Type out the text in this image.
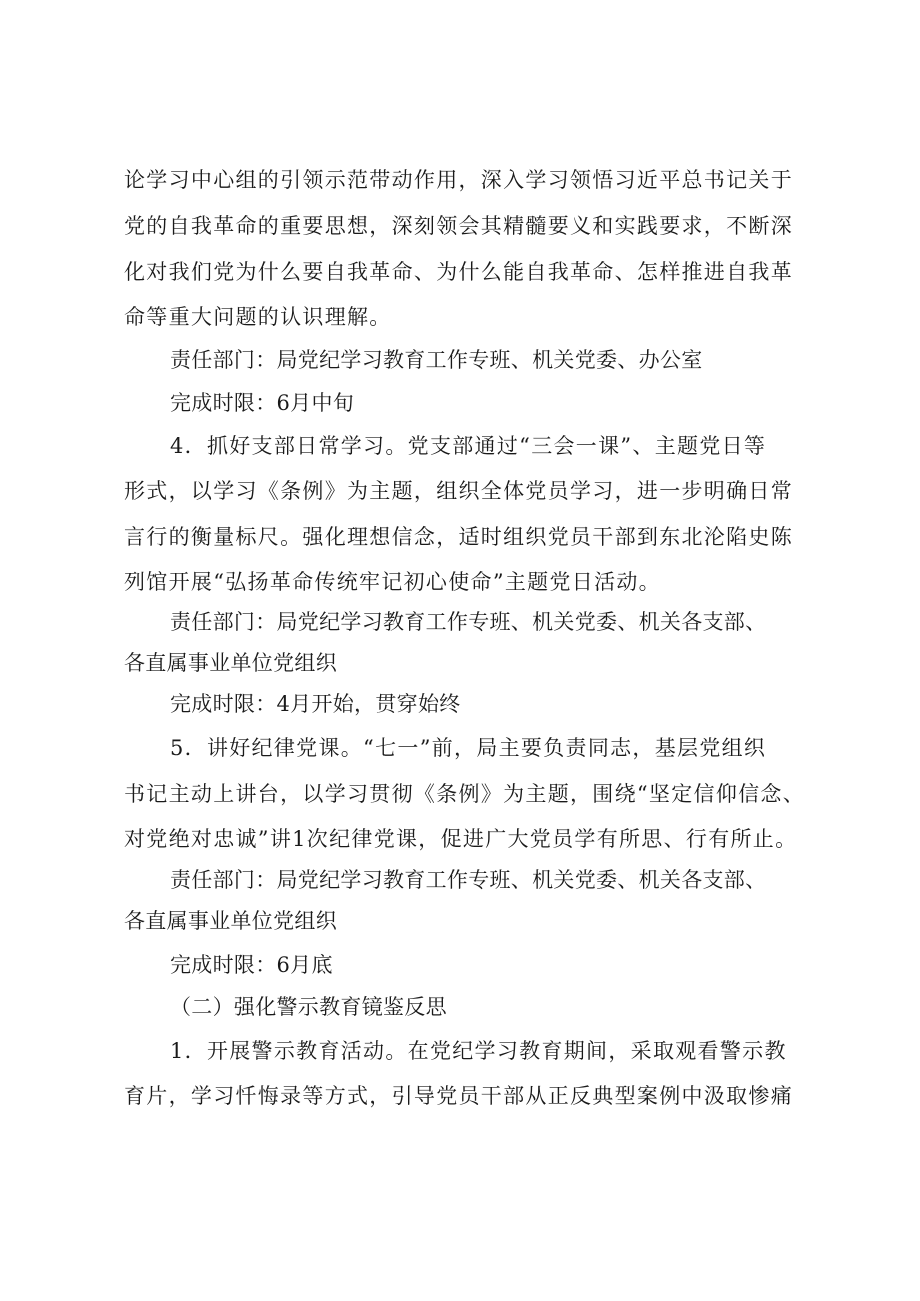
论学习中心组的引领示范带动作用，深入学习领悟习近平总书记关于

党的自我革命的重要思想，深刻领会其精髓要义和实践要求，不断深

化对我们党为什么要自我革命、为什么能自我革命、怎样推进自我革

命等重大问题的认识理解。

责任部门：局党纪学习教育工作专班、机关党委、办公室

完成时限：6月中旬

4．抓好支部日常学习。党支部通过“三会一课”、主题党日等

形式，以学习《条例》为主题，组织全体党员学习，进一步明确日常

言行的衡量标尺。强化理想信念，适时组织党员干部到东北沦陷史陈

列馆开展“弘扬革命传统牢记初心使命”主题党日活动。

责任部门：局党纪学习教育工作专班、机关党委、机关各支部、

各直属事业单位党组织

完成时限：4月开始，贯穿始终

5．讲好纪律党课。“七一”前，局主要负责同志，基层党组织

书记主动上讲台，以学习贯彻《条例》为主题，围绕“坚定信仰信念、

对党绝对忠诚”讲1次纪律党课，促进广大党员学有所思、行有所止。

责任部门：局党纪学习教育工作专班、机关党委、机关各支部、

各直属事业单位党组织

完成时限：6月底

（二）强化警示教育镜鉴反思

1．开展警示教育活动。在党纪学习教育期间，采取观看警示教

育片，学习忏悔录等方式，引导党员干部从正反典型案例中汲取惨痛
